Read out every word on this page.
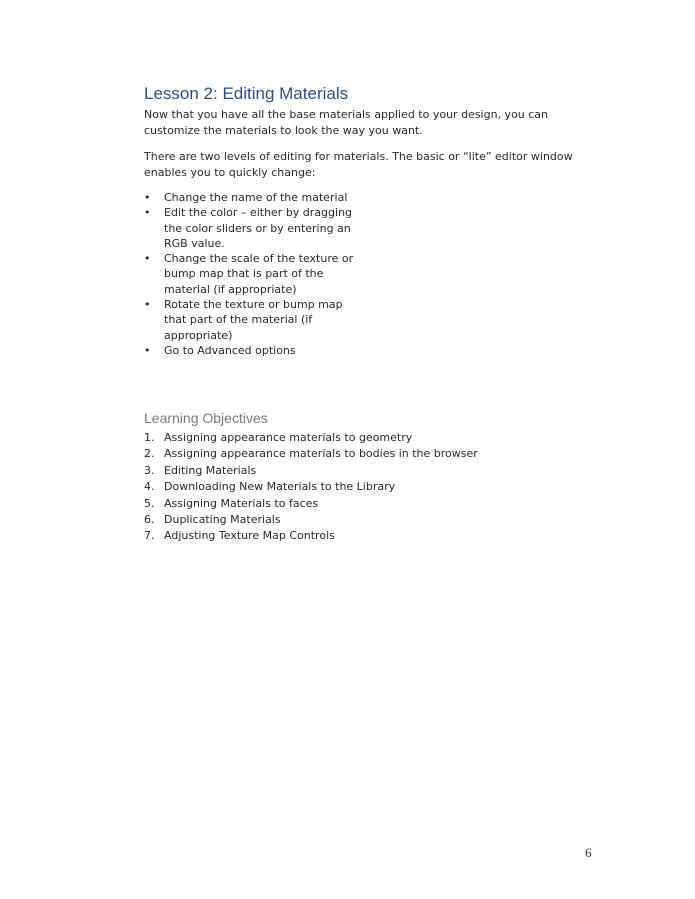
Lesson 2: Editing Materials

Now that you have all the base materials applied to your design, you can customize the materials to look the way you want.

There are two levels of editing for materials. The basic or “lite” editor window enables you to quickly change:

• Change the name of the material
• Edit the color – either by dragging the color sliders or by entering an RGB value.
• Change the scale of the texture or bump map that is part of the material (if appropriate)
• Rotate the texture or bump map that part of the material (if appropriate)
• Go to Advanced options
Learning Objectives
1. Assigning appearance materials to geometry
2. Assigning appearance materials to bodies in the browser
3. Editing Materials
4. Downloading New Materials to the Library
5. Assigning Materials to faces
6. Duplicating Materials
7. Adjusting Texture Map Controls
6
